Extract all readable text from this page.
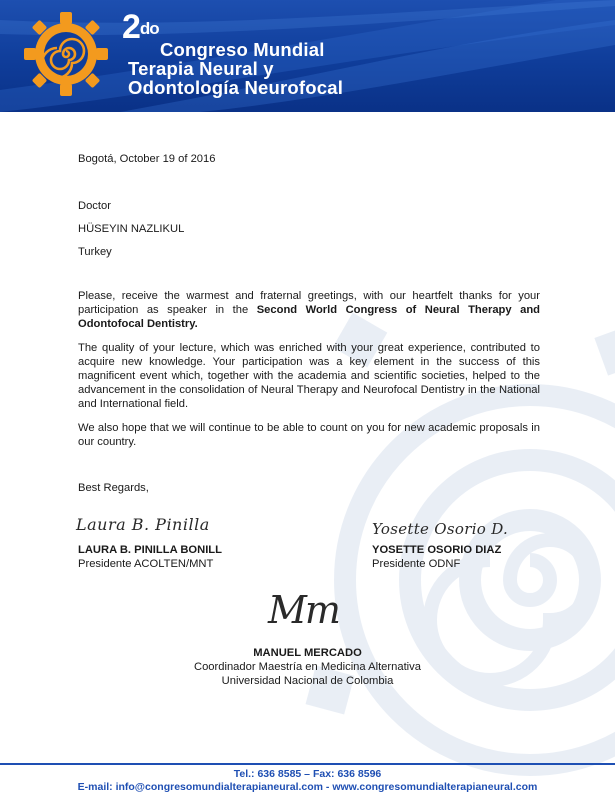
$2^{do}$
Congreso Mundial
Terapia Neural y
Odontología Neurofocal
Bogotá, October 19 of 2016
Doctor
HÜSEYIN NAZLIKUL
Turkey
Please, receive the warmest and fraternal greetings, with our heartfelt thanks for your participation as speaker in the Second World Congress of Neural Therapy and Odontofocal Dentistry.
The quality of your lecture, which was enriched with your great experience, contributed to acquire new knowledge. Your participation was a key element in the success of this magnificent event which, together with the academia and scientific societies, helped to the advancement in the consolidation of Neural Therapy and Neurofocal Dentistry in the National and International field.
We also hope that we will continue to be able to count on you for new academic proposals in our country.
Best Regards,
Laura B. Pinilla
LAURA B. PINILLA BONILL
Presidente ACOLTEN/MNT
Yosette Osorio D.
YOSETTE OSORIO DIAZ
Presidente ODNF
Mm
MANUEL MERCADO
Coordinador Maestría en Medicina Alternativa
Universidad Nacional de Colombia
Tel.: 636 8585 – Fax: 636 8596
E-mail: info@congresomundialterapianeural.com - www.congresomundialterapianeural.com
